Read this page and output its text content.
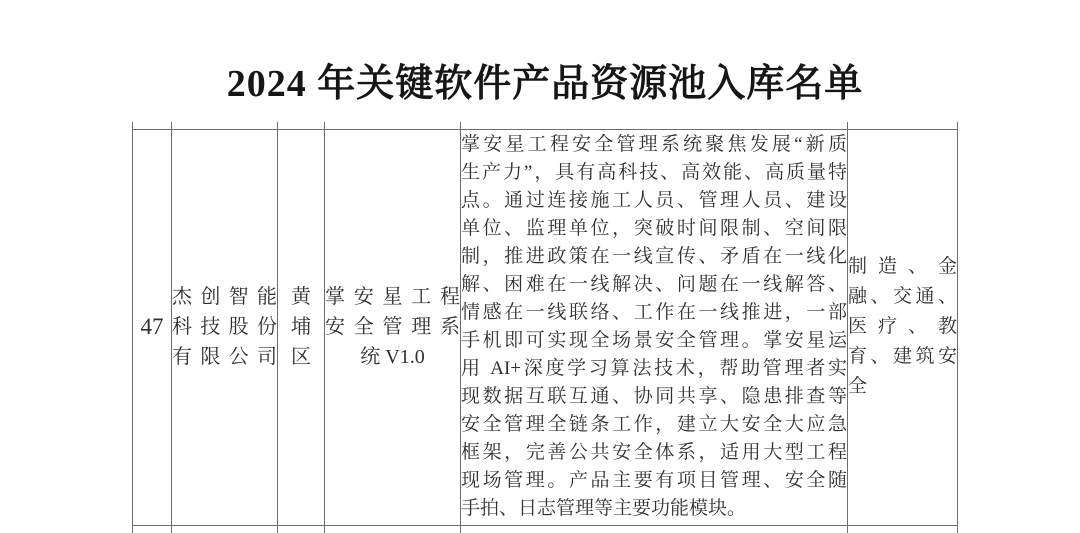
2024 年关键软件产品资源池入库名单

47

杰创智能
科技股份
有限公司

黄
埔
区

掌安星工程
安全管理系
统 V1.0

掌安星工程安全管理系统聚焦发展“新质
生产力”，具有高科技、高效能、高质量特
点。通过连接施工人员、管理人员、建设
单位、监理单位，突破时间限制、空间限
制，推进政策在一线宣传、矛盾在一线化
解、困难在一线解决、问题在一线解答、
情感在一线联络、工作在一线推进，一部
手机即可实现全场景安全管理。掌安星运
用 AI+深度学习算法技术，帮助管理者实
现数据互联互通、协同共享、隐患排查等
安全管理全链条工作，建立大安全大应急
框架，完善公共安全体系，适用大型工程
现场管理。产品主要有项目管理、安全随
手拍、日志管理等主要功能模块。

制造、金
融、交通、
医疗、教
育、建筑安
全
